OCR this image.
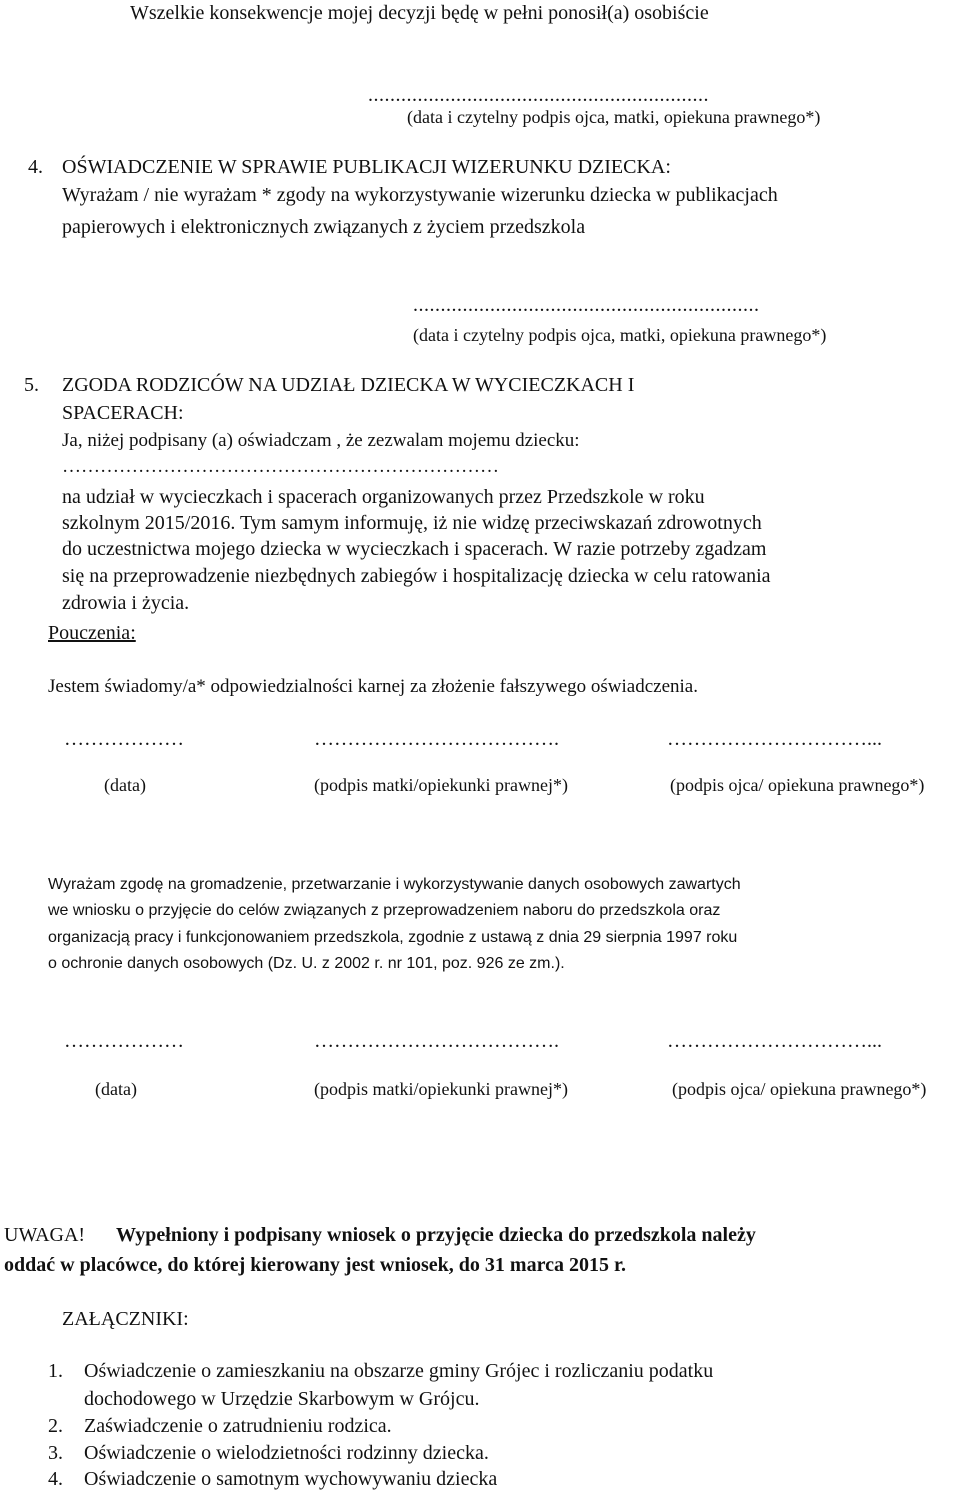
Wszelkie konsekwencje mojej decyzji będę w pełni ponosił(a) osobiście
..............................................................
(data i czytelny podpis ojca, matki, opiekuna prawnego*)
4. OŚWIADCZENIE W SPRAWIE PUBLIKACJI WIZERUNKU DZIECKA:
Wyrażam / nie wyrażam * zgody na wykorzystywanie wizerunku dziecka w publikacjach
papierowych i elektronicznych związanych z życiem przedszkola
...............................................................
(data i czytelny podpis ojca, matki, opiekuna prawnego*)
5. ZGODA RODZICÓW NA UDZIAŁ DZIECKA W WYCIECZKACH I
SPACERACH:
Ja, niżej podpisany (a) oświadczam , że zezwalam mojemu dziecku:
……………………………………………………………
na udział w wycieczkach i spacerach organizowanych przez Przedszkole w roku
szkolnym 2015/2016. Tym samym informuję, iż nie widzę przeciwskazań zdrowotnych
do uczestnictwa mojego dziecka w wycieczkach i spacerach. W razie potrzeby zgadzam
się na przeprowadzenie niezbędnych zabiegów i hospitalizację dziecka w celu ratowania
zdrowia i życia.
Pouczenia:
Jestem świadomy/a* odpowiedzialności karnej za złożenie fałszywego oświadczenia.
………………	……………………………….	…………………………...
(data)	(podpis matki/opiekunki prawnej*)	(podpis ojca/ opiekuna prawnego*)
Wyrażam zgodę na gromadzenie, przetwarzanie i wykorzystywanie danych osobowych zawartych
we wniosku o przyjęcie do celów związanych z przeprowadzeniem naboru do przedszkola oraz
organizacją pracy i funkcjonowaniem przedszkola, zgodnie z ustawą z dnia 29 sierpnia 1997 roku
o ochronie danych osobowych (Dz. U. z 2002 r. nr 101, poz. 926 ze zm.).
………………	……………………………….	…………………………...
(data)	(podpis matki/opiekunki prawnej*)	(podpis ojca/ opiekuna prawnego*)
UWAGA! Wypełniony i podpisany wniosek o przyjęcie dziecka do przedszkola należy
oddać w placówce, do której kierowany jest wniosek, do 31 marca 2015 r.
ZAŁĄCZNIKI:
1. Oświadczenie o zamieszkaniu na obszarze gminy Grójec i rozliczaniu podatku
dochodowego w Urzędzie Skarbowym w Grójcu.
2. Zaświadczenie o zatrudnieniu rodzica.
3. Oświadczenie o wielodzietności rodzinny dziecka.
4. Oświadczenie o samotnym wychowywaniu dziecka
